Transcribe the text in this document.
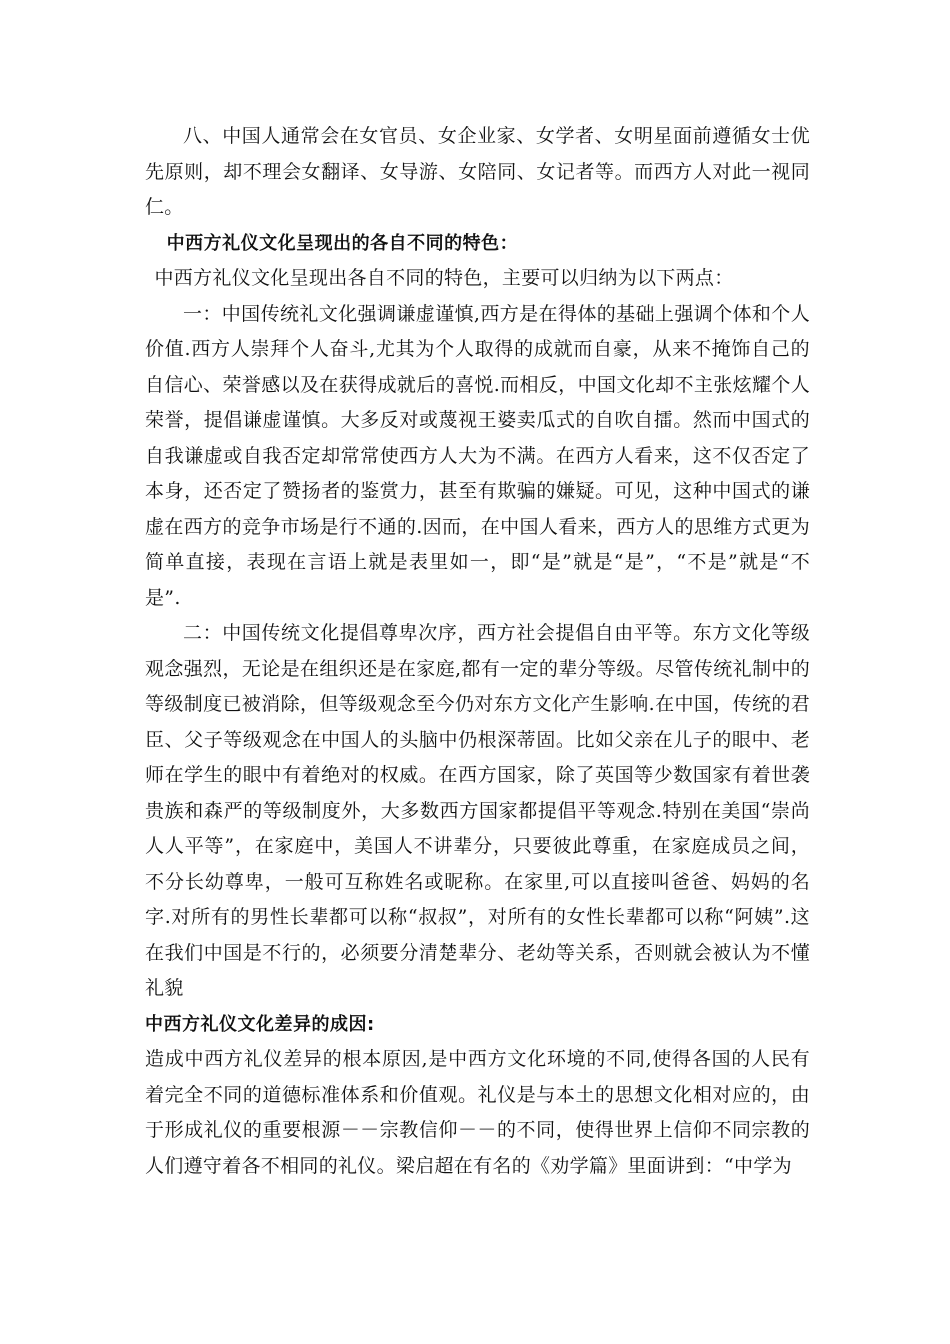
八、中国人通常会在女官员、女企业家、女学者、女明星面前遵循女士优先原则，却不理会女翻译、女导游、女陪同、女记者等。而西方人对此一视同仁。

中西方礼仪文化呈现出的各自不同的特色：

中西方礼仪文化呈现出各自不同的特色，主要可以归纳为以下两点：

一：中国传统礼文化强调谦虚谨慎,西方是在得体的基础上强调个体和个人价值.西方人崇拜个人奋斗,尤其为个人取得的成就而自豪，从来不掩饰自己的自信心、荣誉感以及在获得成就后的喜悦.而相反，中国文化却不主张炫耀个人荣誉，提倡谦虚谨慎。大多反对或蔑视王婆卖瓜式的自吹自擂。然而中国式的自我谦虚或自我否定却常常使西方人大为不满。在西方人看来，这不仅否定了本身，还否定了赞扬者的鉴赏力，甚至有欺骗的嫌疑。可见，这种中国式的谦虚在西方的竞争市场是行不通的.因而，在中国人看来，西方人的思维方式更为简单直接，表现在言语上就是表里如一，即“是”就是“是”，“不是”就是“不是”.

二：中国传统文化提倡尊卑次序，西方社会提倡自由平等。东方文化等级观念强烈，无论是在组织还是在家庭,都有一定的辈分等级。尽管传统礼制中的等级制度已被消除，但等级观念至今仍对东方文化产生影响.在中国，传统的君臣、父子等级观念在中国人的头脑中仍根深蒂固。比如父亲在儿子的眼中、老师在学生的眼中有着绝对的权威。在西方国家，除了英国等少数国家有着世袭贵族和森严的等级制度外，大多数西方国家都提倡平等观念.特别在美国“崇尚人人平等”，在家庭中，美国人不讲辈分，只要彼此尊重，在家庭成员之间，不分长幼尊卑，一般可互称姓名或昵称。在家里,可以直接叫爸爸、妈妈的名字.对所有的男性长辈都可以称“叔叔”，对所有的女性长辈都可以称“阿姨”.这在我们中国是不行的，必须要分清楚辈分、老幼等关系，否则就会被认为不懂礼貌

中西方礼仪文化差异的成因:

造成中西方礼仪差异的根本原因,是中西方文化环境的不同,使得各国的人民有着完全不同的道德标准体系和价值观。礼仪是与本土的思想文化相对应的，由于形成礼仪的重要根源－－宗教信仰－－的不同，使得世界上信仰不同宗教的人们遵守着各不相同的礼仪。梁启超在有名的《劝学篇》里面讲到：“中学为
